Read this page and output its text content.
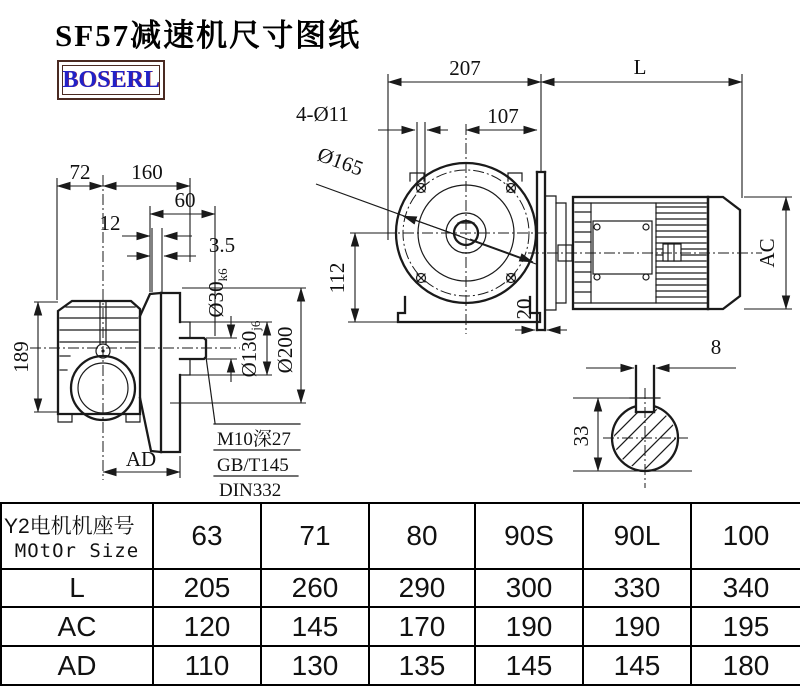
SF57减速机尺寸图纸
BOSERL
72 160
60
12
3.5
M10深27
GB/T145
DIN332
$Ø30_{k6}$
$Ø130_{j6}$
Ø200
189
AD
207	L
107
4-Ø11
Ø165
20
112
AC
8
33
Y2电机机座号
MOtOr Size	63	71	80	90S	90L	100
L	205	260	290	300	330	340
AC	120	145	170	190	190	195
AD	110	130	135	145	145	180
